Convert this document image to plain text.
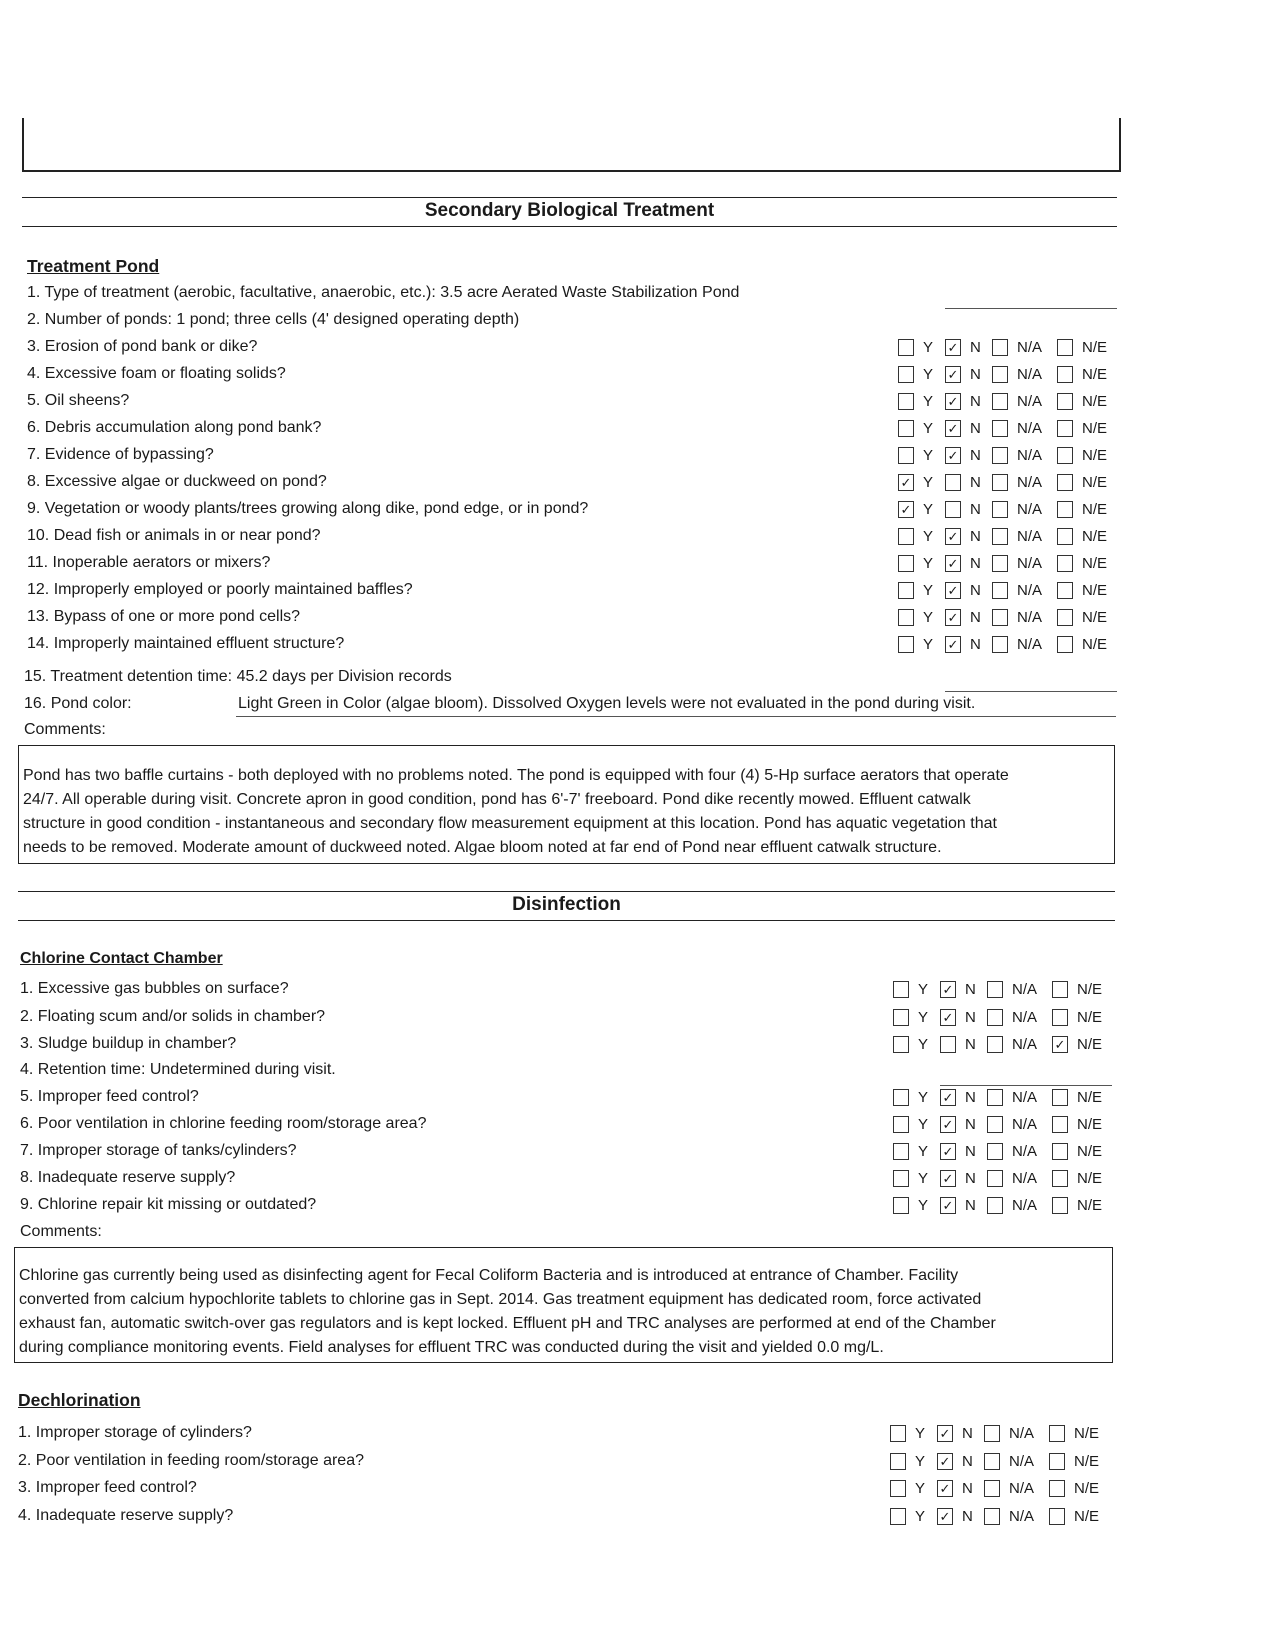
Secondary Biological Treatment
Treatment Pond
1. Type of treatment (aerobic, facultative, anaerobic, etc.): 3.5 acre Aerated Waste Stabilization Pond
2. Number of ponds: 1 pond; three cells (4' designed operating depth)
3. Erosion of pond bank or dike?	Y ✓ N N/A	N/E
4. Excessive foam or floating solids?	Y ✓ N N/A	N/E
5. Oil sheens?	Y ✓ N N/A	N/E
6. Debris accumulation along pond bank?	Y ✓ N N/A	N/E
7. Evidence of bypassing?	Y ✓ N N/A	N/E
8. Excessive algae or duckweed on pond?	✓ Y N N/A	N/E
9. Vegetation or woody plants/trees growing along dike, pond edge, or in pond?	✓ Y N N/A	N/E
10. Dead fish or animals in or near pond?	Y ✓ N N/A	N/E
11. Inoperable aerators or mixers?	Y ✓ N N/A	N/E
12. Improperly employed or poorly maintained baffles?	Y ✓ N N/A	N/E
13. Bypass of one or more pond cells?	Y ✓ N N/A	N/E
14. Improperly maintained effluent structure?	Y ✓ N N/A	N/E
15. Treatment detention time: 45.2 days per Division records
16. Pond color:	Light Green in Color (algae bloom). Dissolved Oxygen levels were not evaluated in the pond during visit.
Comments:
Pond has two baffle curtains - both deployed with no problems noted. The pond is equipped with four (4) 5-Hp surface aerators that operate
24/7. All operable during visit. Concrete apron in good condition, pond has 6'-7' freeboard. Pond dike recently mowed. Effluent catwalk
structure in good condition - instantaneous and secondary flow measurement equipment at this location. Pond has aquatic vegetation that
needs to be removed. Moderate amount of duckweed noted. Algae bloom noted at far end of Pond near effluent catwalk structure.
Disinfection
Chlorine Contact Chamber
1. Excessive gas bubbles on surface?	Y ✓ N N/A	N/E
2. Floating scum and/or solids in chamber?	Y ✓ N N/A	N/E
3. Sludge buildup in chamber?	Y N N/A ✓ N/E
4. Retention time: Undetermined during visit.
5. Improper feed control?	Y ✓ N N/A	N/E
6. Poor ventilation in chlorine feeding room/storage area?	Y ✓ N N/A	N/E
7. Improper storage of tanks/cylinders?	Y ✓ N N/A	N/E
8. Inadequate reserve supply?	Y ✓ N N/A	N/E
9. Chlorine repair kit missing or outdated?	Y ✓ N N/A	N/E
Comments:
Chlorine gas currently being used as disinfecting agent for Fecal Coliform Bacteria and is introduced at entrance of Chamber. Facility
converted from calcium hypochlorite tablets to chlorine gas in Sept. 2014. Gas treatment equipment has dedicated room, force activated
exhaust fan, automatic switch-over gas regulators and is kept locked. Effluent pH and TRC analyses are performed at end of the Chamber
during compliance monitoring events. Field analyses for effluent TRC was conducted during the visit and yielded 0.0 mg/L.
Dechlorination
1. Improper storage of cylinders?	Y ✓ N N/A	N/E
2. Poor ventilation in feeding room/storage area?	Y ✓ N N/A	N/E
3. Improper feed control?	Y ✓ N N/A	N/E
4. Inadequate reserve supply?	Y ✓ N N/A	N/E
